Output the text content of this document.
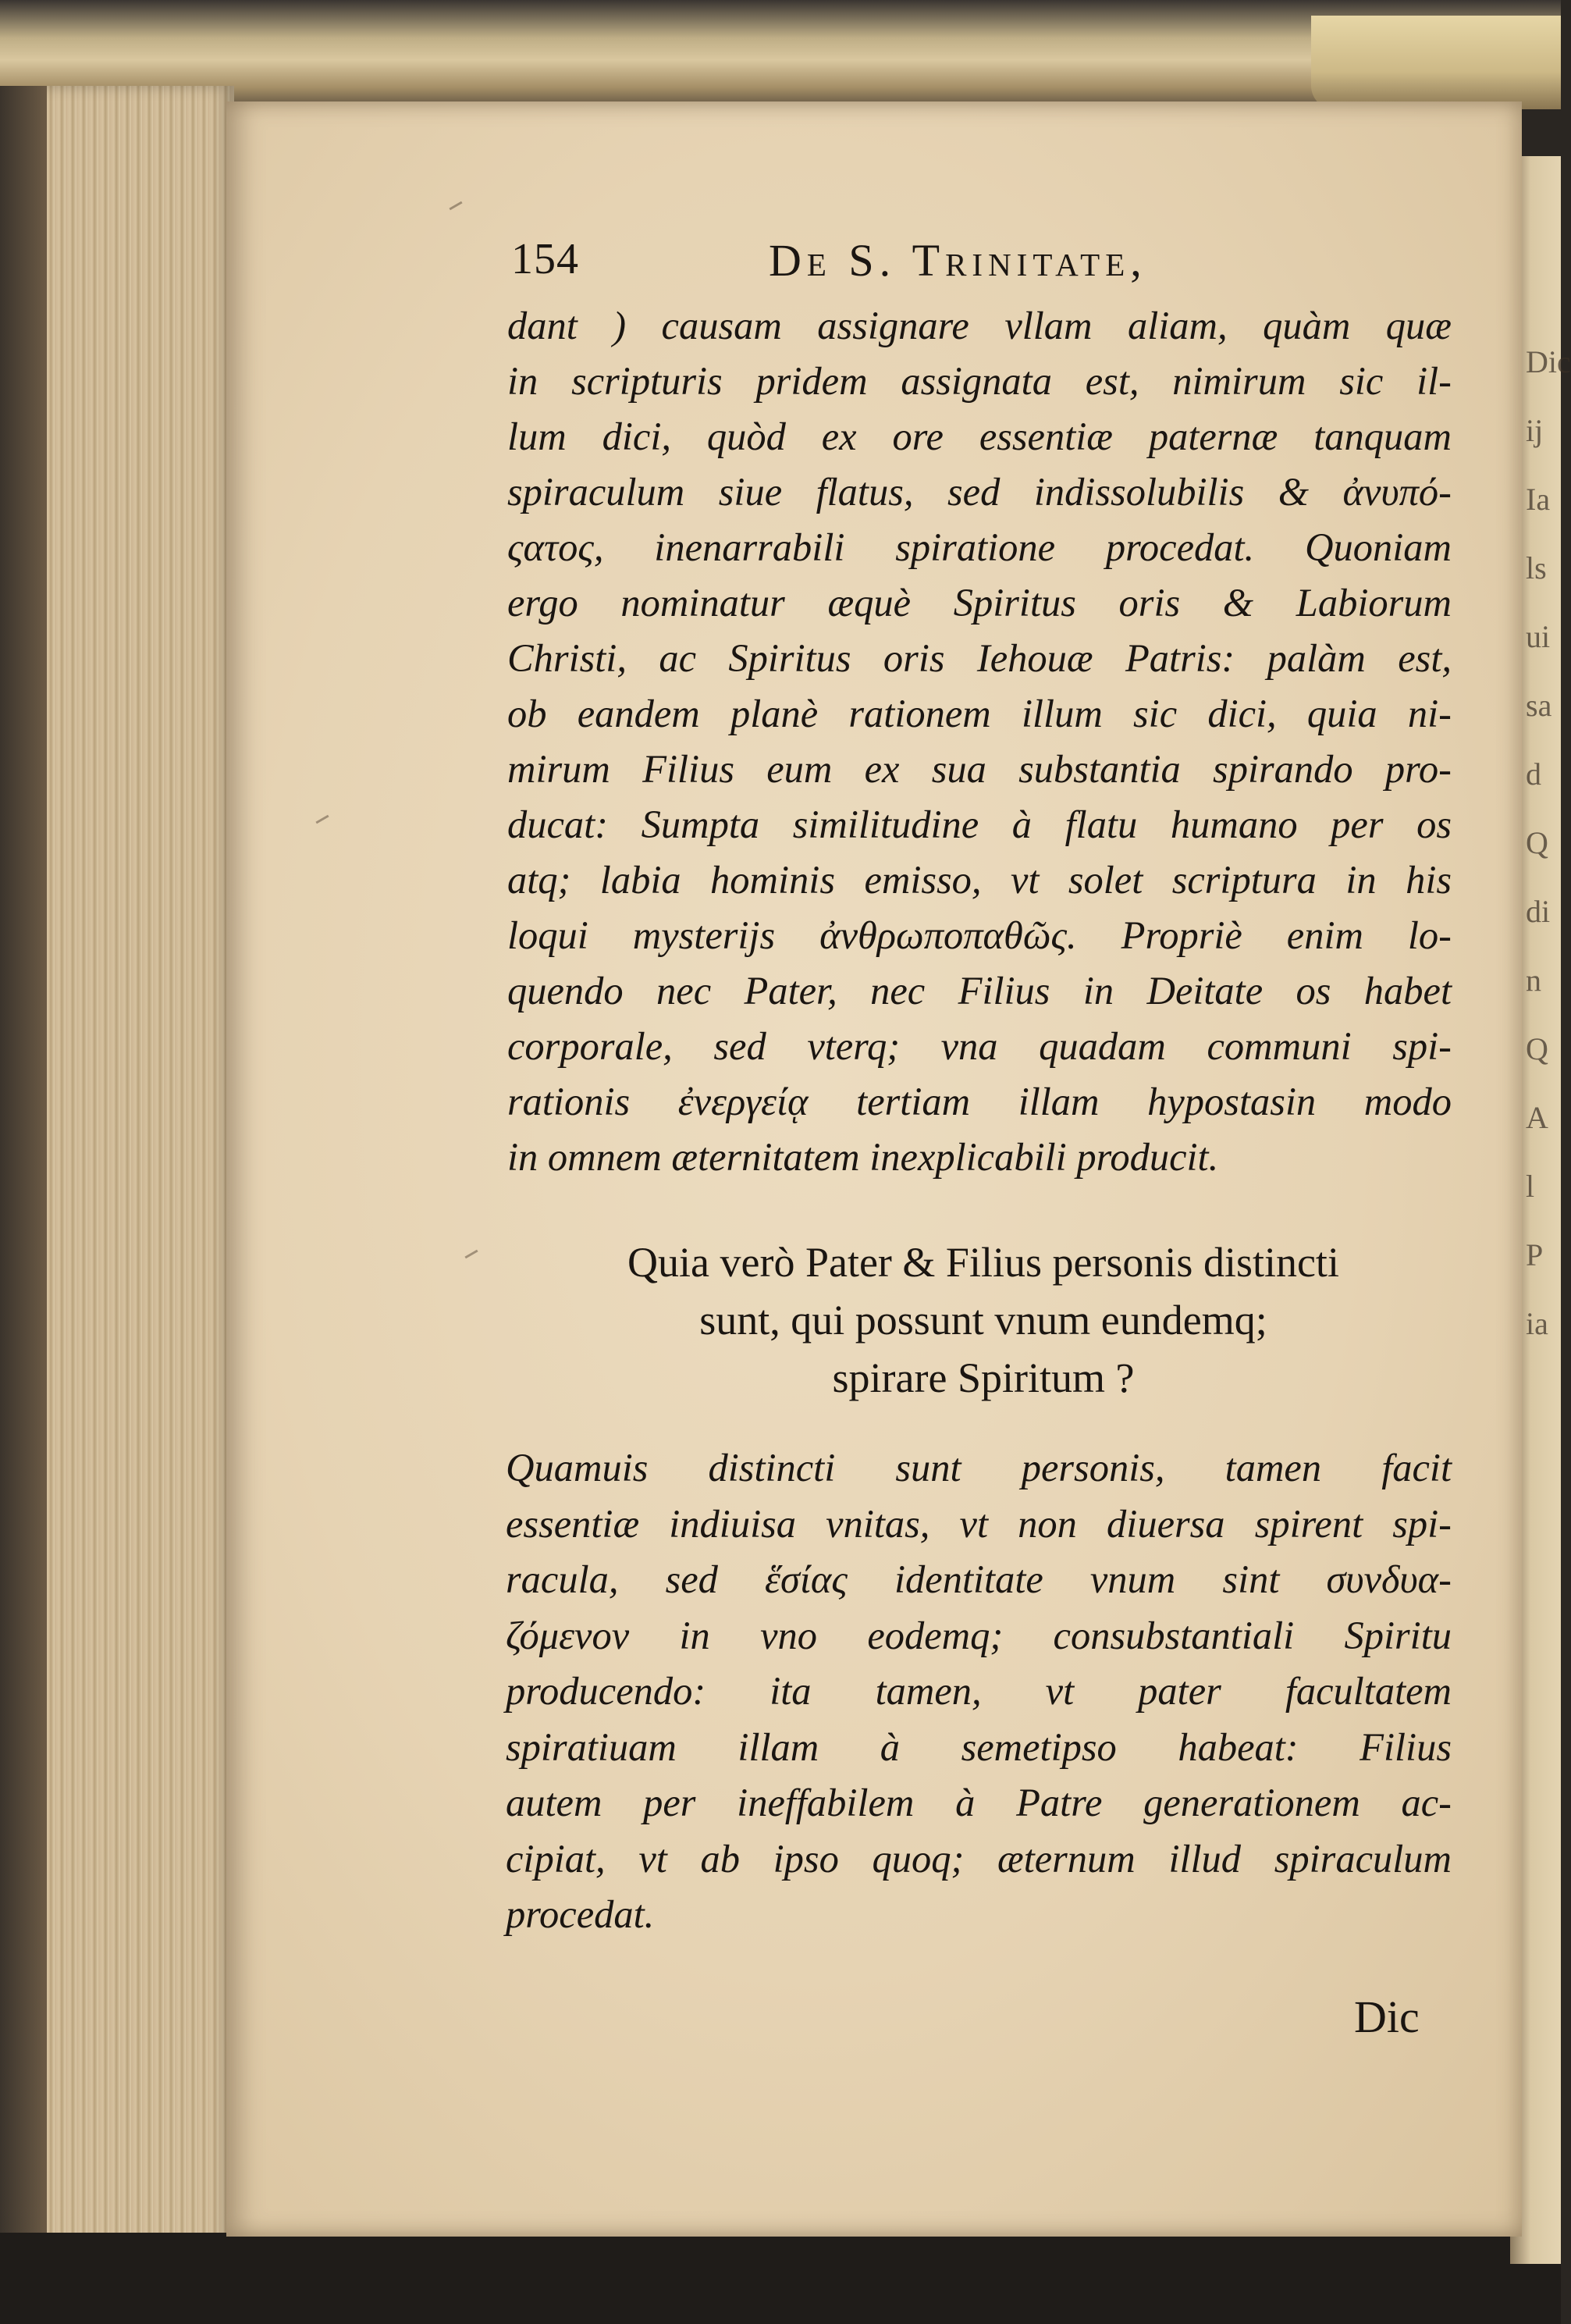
Dic
ij
Ia
ls
ui
sa
d
Q
di
n
Q
A
l
P
ia
154	De S. Trinitate,
dant ) causam assignare vllam aliam, quàm quæ
in scripturis pridem assignata est, nimirum sic il-
lum dici, quòd ex ore essentiæ paternæ tanquam
spiraculum siue flatus, sed indissolubilis & ἀνυπό-
ςατος, inenarrabili spiratione procedat. Quoniam
ergo nominatur æquè Spiritus oris & Labiorum
Christi, ac Spiritus oris Iehouæ Patris: palàm est,
ob eandem planè rationem illum sic dici, quia ni-
mirum Filius eum ex sua substantia spirando pro-
ducat: Sumpta similitudine à flatu humano per os
atq; labia hominis emisso, vt solet scriptura in his
loqui mysterijs ἀνθρωποπαθῶς. Propriè enim lo-
quendo nec Pater, nec Filius in Deitate os habet
corporale, sed vterq; vna quadam communi spi-
rationis ἐνεργείᾳ tertiam illam hypostasin modo
in omnem æternitatem inexplicabili producit.
Quia verò Pater & Filius personis distincti
sunt, qui possunt vnum eundemq;
spirare Spiritum ?
Quamuis distincti sunt personis, tamen facit
essentiæ indiuisa vnitas, vt non diuersa spirent spi-
racula, sed ἕσίας identitate vnum sint συνδυα-
ζόμενον in vno eodemq; consubstantiali Spiritu
producendo: ita tamen, vt pater facultatem
spiratiuam illam à semetipso habeat: Filius
autem per ineffabilem à Patre generationem ac-
cipiat, vt ab ipso quoq; æternum illud spiraculum
procedat.
Dic
